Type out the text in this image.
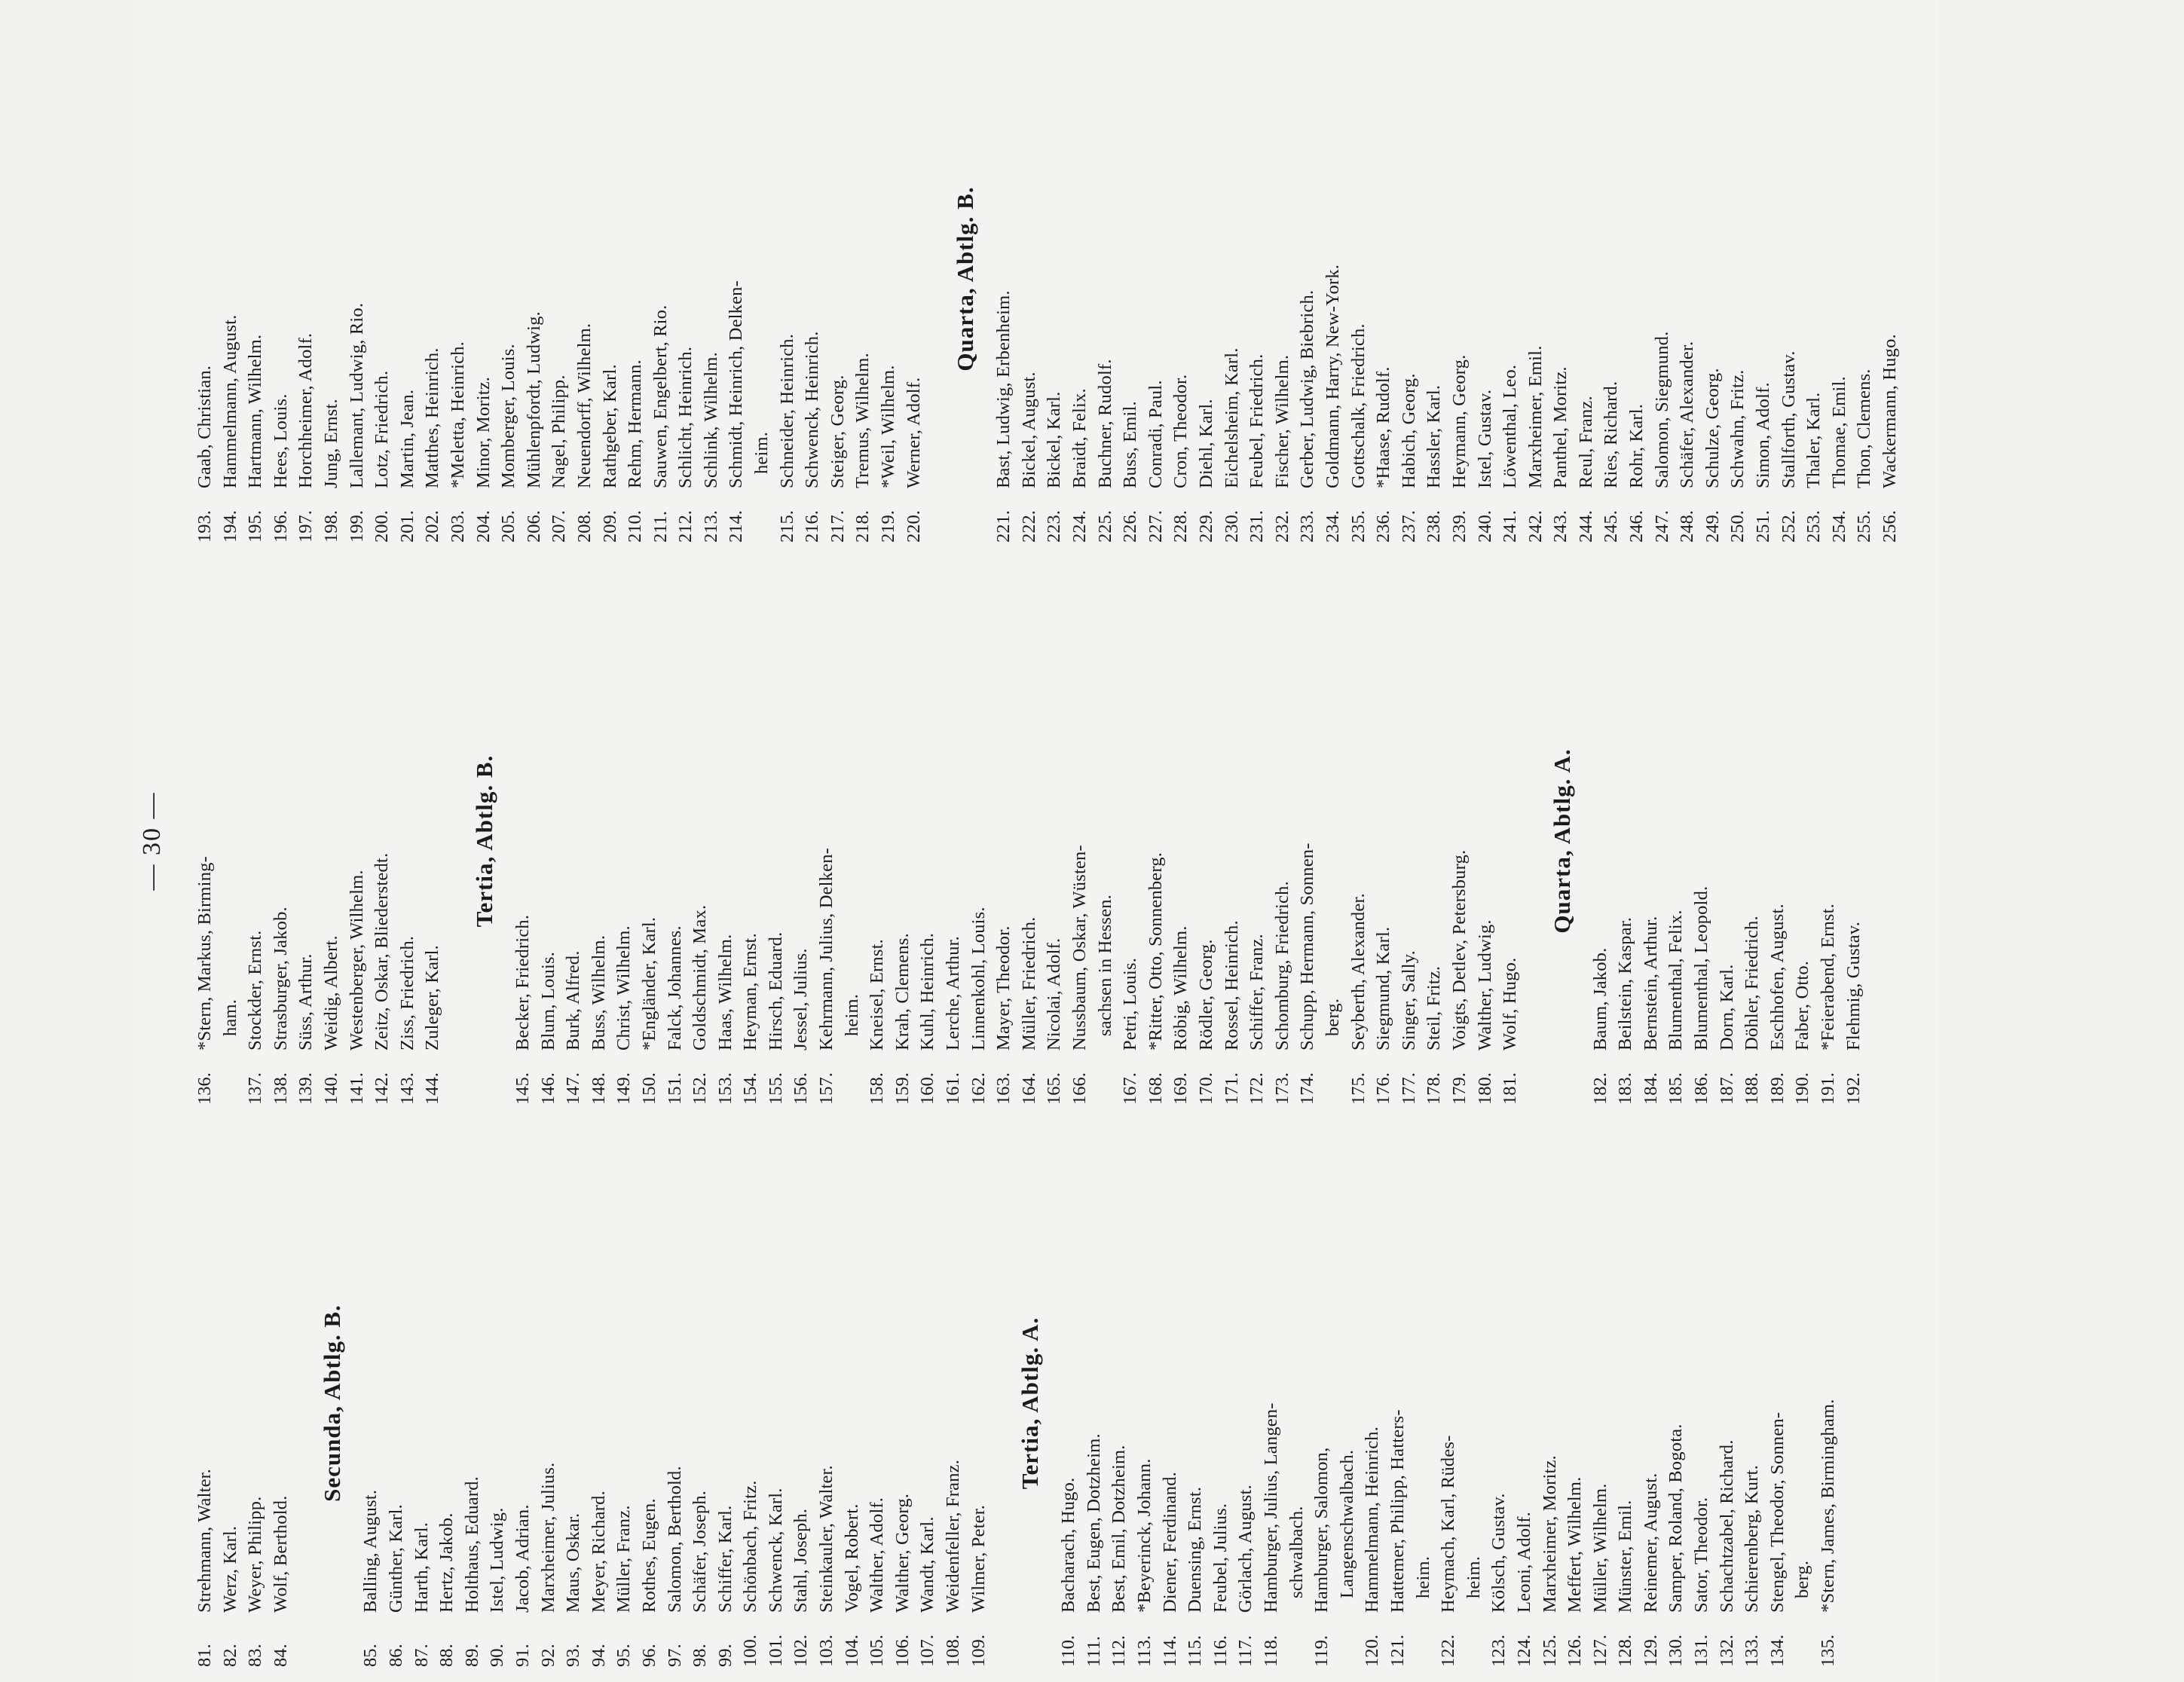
— 30 —
81.
Strehmann, Walter.
82.
Werz, Karl.
83.
Weyer, Philipp.
84.
Wolf, Berthold.
Secunda, Abtlg. B.
85.
Balling, August.
86.
Günther, Karl.
87.
Harth, Karl.
88.
Hertz, Jakob.
89.
Holthaus, Eduard.
90.
Istel, Ludwig.
91.
Jacob, Adrian.
92.
Marxheimer, Julius.
93.
Maus, Oskar.
94.
Meyer, Richard.
95.
Müller, Franz.
96.
Rothes, Eugen.
97.
Salomon, Berthold.
98.
Schäfer, Joseph.
99.
Schiffer, Karl.
100.
Schönbach, Fritz.
101.
Schwenck, Karl.
102.
Stahl, Joseph.
103.
Steinkauler, Walter.
104.
Vogel, Robert.
105.
Walther, Adolf.
106.
Walther, Georg.
107.
Wandt, Karl.
108.
Weidenfeller, Franz.
109.
Wilmer, Peter.
Tertia, Abtlg. A.
110.
Bacharach, Hugo.
111.
Best, Eugen, Dotzheim.
112.
Best, Emil, Dotzheim.
113.
*Beyerinck, Johann.
114.
Diener, Ferdinand.
115.
Duensing, Ernst.
116.
Feubel, Julius.
117.
Görlach, August.
118.
Hamburger, Julius, Langen-
schwalbach.
119.
Hamburger, Salomon,
Langenschwalbach.
120.
Hammelmann, Heinrich.
121.
Hattemer, Philipp, Hatters-
heim.
122.
Heymach, Karl, Rüdes-
heim.
123.
Kölsch, Gustav.
124.
Leoni, Adolf.
125.
Marxheimer, Moritz.
126.
Meffert, Wilhelm.
127.
Müller, Wilhelm.
128.
Münster, Emil.
129.
Reinemer, August.
130.
Samper, Roland, Bogota.
131.
Sator, Theodor.
132.
Schachtzabel, Richard.
133.
Schierenberg, Kurt.
134.
Stengel, Theodor, Sonnen-
berg.
135.
*Stern, James, Birmingham.
136.
*Stern, Markus, Birming-
ham.
137.
Stockder, Ernst.
138.
Strasburger, Jakob.
139.
Süss, Arthur.
140.
Weidig, Albert.
141.
Westenberger, Wilhelm.
142.
Zeitz, Oskar, Bliederstedt.
143.
Ziss, Friedrich.
144.
Zuleger, Karl.
Tertia, Abtlg. B.
145.
Becker, Friedrich.
146.
Blum, Louis.
147.
Burk, Alfred.
148.
Buss, Wilhelm.
149.
Christ, Wilhelm.
150.
*Engländer, Karl.
151.
Falck, Johannes.
152.
Goldschmidt, Max.
153.
Haas, Wilhelm.
154.
Heyman, Ernst.
155.
Hirsch, Eduard.
156.
Jessel, Julius.
157.
Kehrmann, Julius, Delken-
heim.
158.
Kneisel, Ernst.
159.
Krah, Clemens.
160.
Kuhl, Heinrich.
161.
Lerche, Arthur.
162.
Linnenkohl, Louis.
163.
Mayer, Theodor.
164.
Müller, Friedrich.
165.
Nicolai, Adolf.
166.
Nussbaum, Oskar, Wüsten-
sachsen in Hessen.
167.
Petri, Louis.
168.
*Ritter, Otto, Sonnenberg.
169.
Röbig, Wilhelm.
170.
Rödler, Georg.
171.
Rossel, Heinrich.
172.
Schiffer, Franz.
173.
Schomburg, Friedrich.
174.
Schupp, Hermann, Sonnen-
berg.
175.
Seyberth, Alexander.
176.
Siegmund, Karl.
177.
Singer, Sally.
178.
Steil, Fritz.
179.
Voigts, Detlev, Petersburg.
180.
Walther, Ludwig.
181.
Wolf, Hugo.
Quarta, Abtlg. A.
182.
Baum, Jakob.
183.
Beilstein, Kaspar.
184.
Bernstein, Arthur.
185.
Blumenthal, Felix.
186.
Blumenthal, Leopold.
187.
Dorn, Karl.
188.
Döhler, Friedrich.
189.
Eschhofen, August.
190.
Faber, Otto.
191.
*Feierabend, Ernst.
192.
Flehmig, Gustav.
193.
Gaab, Christian.
194.
Hammelmann, August.
195.
Hartmann, Wilhelm.
196.
Hees, Louis.
197.
Horchheimer, Adolf.
198.
Jung, Ernst.
199.
Lallemant, Ludwig, Rio.
200.
Lotz, Friedrich.
201.
Martin, Jean.
202.
Matthes, Heinrich.
203.
*Meletta, Heinrich.
204.
Minor, Moritz.
205.
Momberger, Louis.
206.
Mühlenpfordt, Ludwig.
207.
Nagel, Philipp.
208.
Neuendorff, Wilhelm.
209.
Rathgeber, Karl.
210.
Rehm, Hermann.
211.
Sauwen, Engelbert, Rio.
212.
Schlicht, Heinrich.
213.
Schlink, Wilhelm.
214.
Schmidt, Heinrich, Delken-
heim.
215.
Schneider, Heinrich.
216.
Schwenck, Heinrich.
217.
Steiger, Georg.
218.
Tremus, Wilhelm.
219.
*Weil, Wilhelm.
220.
Werner, Adolf.
Quarta, Abtlg. B.
221.
Bast, Ludwig, Erbenheim.
222.
Bickel, August.
223.
Bickel, Karl.
224.
Braidt, Felix.
225.
Buchner, Rudolf.
226.
Buss, Emil.
227.
Conradi, Paul.
228.
Cron, Theodor.
229.
Diehl, Karl.
230.
Eichelsheim, Karl.
231.
Feubel, Friedrich.
232.
Fischer, Wilhelm.
233.
Gerber, Ludwig, Biebrich.
234.
Goldmann, Harry, New-York.
235.
Gottschalk, Friedrich.
236.
*Haase, Rudolf.
237.
Habich, Georg.
238.
Hassler, Karl.
239.
Heymann, Georg.
240.
Istel, Gustav.
241.
Löwenthal, Leo.
242.
Marxheimer, Emil.
243.
Panthel, Moritz.
244.
Reul, Franz.
245.
Ries, Richard.
246.
Rohr, Karl.
247.
Salomon, Siegmund.
248.
Schäfer, Alexander.
249.
Schulze, Georg.
250.
Schwahn, Fritz.
251.
Simon, Adolf.
252.
Stallforth, Gustav.
253.
Thaler, Karl.
254.
Thomae, Emil.
255.
Thon, Clemens.
256.
Wackermann, Hugo.
